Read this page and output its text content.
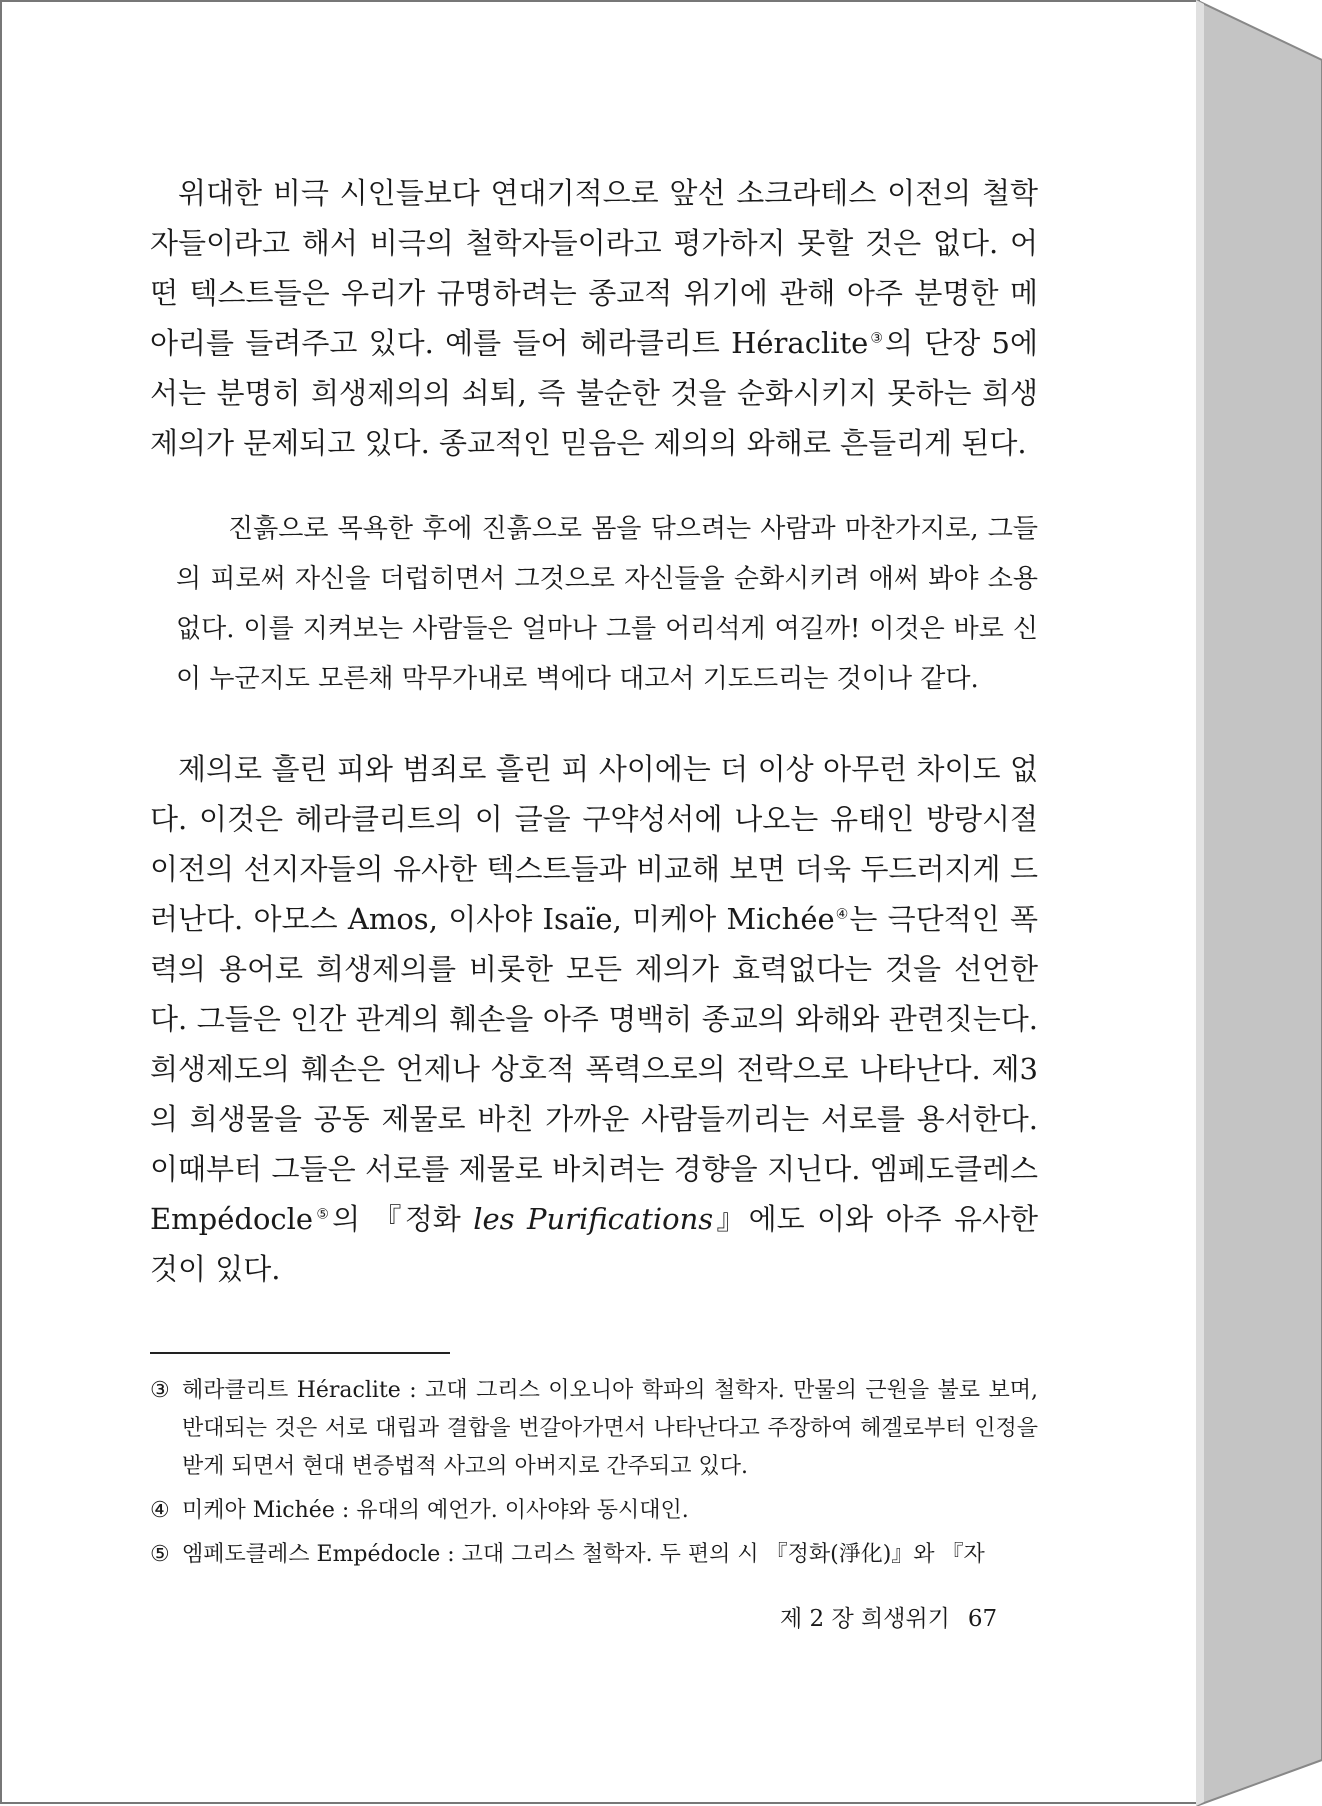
위대한 비극 시인들보다 연대기적으로 앞선 소크라테스 이전의 철학자들이라고 해서 비극의 철학자들이라고 평가하지 못할 것은 없다. 어떤 텍스트들은 우리가 규명하려는 종교적 위기에 관해 아주 분명한 메아리를 들려주고 있다. 예를 들어 헤라클리트 Héraclite③의 단장 5에서는 분명히 희생제의의 쇠퇴, 즉 불순한 것을 순화시키지 못하는 희생제의가 문제되고 있다. 종교적인 믿음은 제의의 와해로 흔들리게 된다.

진흙으로 목욕한 후에 진흙으로 몸을 닦으려는 사람과 마찬가지로, 그들의 피로써 자신을 더럽히면서 그것으로 자신들을 순화시키려 애써 봐야 소용없다. 이를 지켜보는 사람들은 얼마나 그를 어리석게 여길까! 이것은 바로 신이 누군지도 모른채 막무가내로 벽에다 대고서 기도드리는 것이나 같다.

제의로 흘린 피와 범죄로 흘린 피 사이에는 더 이상 아무런 차이도 없다. 이것은 헤라클리트의 이 글을 구약성서에 나오는 유태인 방랑시절 이전의 선지자들의 유사한 텍스트들과 비교해 보면 더욱 두드러지게 드러난다. 아모스 Amos, 이사야 Isaïe, 미케아 Michée④는 극단적인 폭력의 용어로 희생제의를 비롯한 모든 제의가 효력없다는 것을 선언한다. 그들은 인간 관계의 훼손을 아주 명백히 종교의 와해와 관련짓는다. 희생제도의 훼손은 언제나 상호적 폭력으로의 전락으로 나타난다. 제3의 희생물을 공동 제물로 바친 가까운 사람들끼리는 서로를 용서한다. 이때부터 그들은 서로를 제물로 바치려는 경향을 지닌다. 엠페도클레스 Empédocle⑤의 『정화 les Purifications』에도 이와 아주 유사한 것이 있다.

③ 헤라클리트 Héraclite : 고대 그리스 이오니아 학파의 철학자. 만물의 근원을 불로 보며, 반대되는 것은 서로 대립과 결합을 번갈아가면서 나타난다고 주장하여 헤겔로부터 인정을 받게 되면서 현대 변증법적 사고의 아버지로 간주되고 있다.

④ 미케아 Michée : 유대의 예언가. 이사야와 동시대인.

⑤ 엠페도클레스 Empédocle : 고대 그리스 철학자. 두 편의 시 『정화(淨化)』와 『자

제 2 장 희생위기 67
